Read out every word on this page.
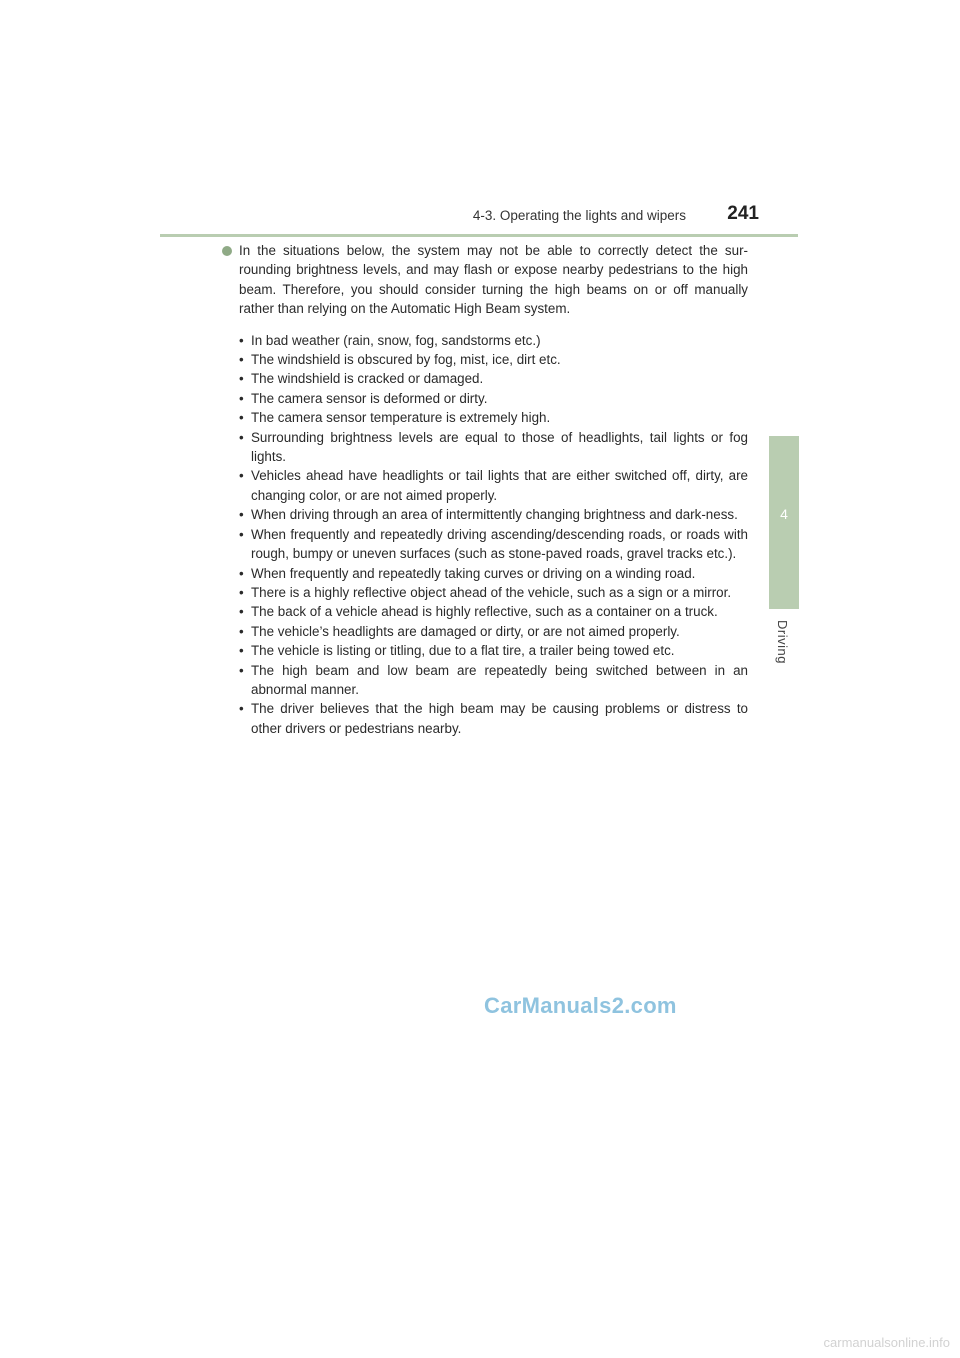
4-3. Operating the lights and wipers 241
4
Driving

In the situations below, the system may not be able to correctly detect the sur-rounding brightness levels, and may flash or expose nearby pedestrians to the high beam. Therefore, you should consider turning the high beams on or off manually rather than relying on the Automatic High Beam system.

• In bad weather (rain, snow, fog, sandstorms etc.)
• The windshield is obscured by fog, mist, ice, dirt etc.
• The windshield is cracked or damaged.
• The camera sensor is deformed or dirty.
• The camera sensor temperature is extremely high.
• Surrounding brightness levels are equal to those of headlights, tail lights or fog lights.
• Vehicles ahead have headlights or tail lights that are either switched off, dirty, are changing color, or are not aimed properly.
• When driving through an area of intermittently changing brightness and dark-ness.
• When frequently and repeatedly driving ascending/descending roads, or roads with rough, bumpy or uneven surfaces (such as stone-paved roads, gravel tracks etc.).
• When frequently and repeatedly taking curves or driving on a winding road.
• There is a highly reflective object ahead of the vehicle, such as a sign or a mirror.
• The back of a vehicle ahead is highly reflective, such as a container on a truck.
• The vehicle’s headlights are damaged or dirty, or are not aimed properly.
• The vehicle is listing or titling, due to a flat tire, a trailer being towed etc.
• The high beam and low beam are repeatedly being switched between in an abnormal manner.
• The driver believes that the high beam may be causing problems or distress to other drivers or pedestrians nearby.
CarManuals2.com
carmanualsonline.info
